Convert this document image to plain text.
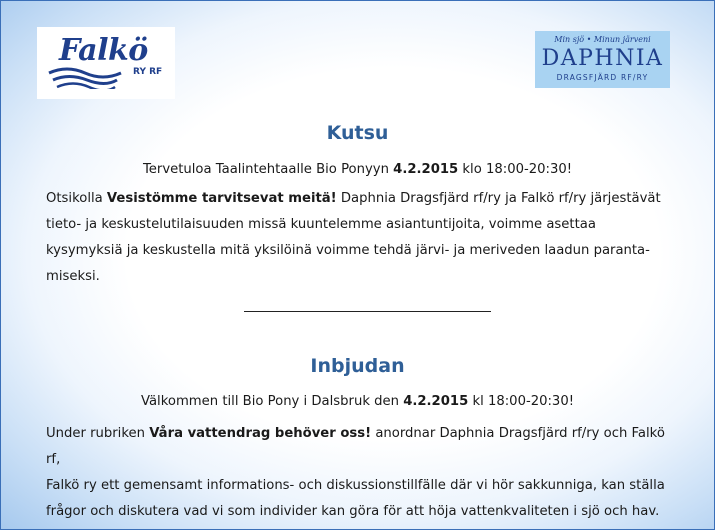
Falkö
RY RF
Min sjö • Minun järveni
DAPHNIA
DRAGSFJÄRD RF/RY
Kutsu
Tervetuloa Taalintehtaalle Bio Ponyyn 4.2.2015 klo 18:00-20:30!
Otsikolla Vesistömme tarvitsevat meitä! Daphnia Dragsfjärd rf/ry ja Falkö rf/ry järjestävät
tieto- ja keskustelutilaisuuden missä kuuntelemme asiantuntijoita, voimme asettaa
kysymyksiä ja keskustella mitä yksilöinä voimme tehdä järvi- ja meriveden laadun paranta-
miseksi.
Inbjudan
Välkommen till Bio Pony i Dalsbruk den 4.2.2015 kl 18:00-20:30!
Under rubriken Våra vattendrag behöver oss! anordnar Daphnia Dragsfjärd rf/ry och Falkö rf,
Falkö ry ett gemensamt informations- och diskussionstillfälle där vi hör sakkunniga, kan ställa
frågor och diskutera vad vi som individer kan göra för att höja vattenkvaliteten i sjö och hav.
